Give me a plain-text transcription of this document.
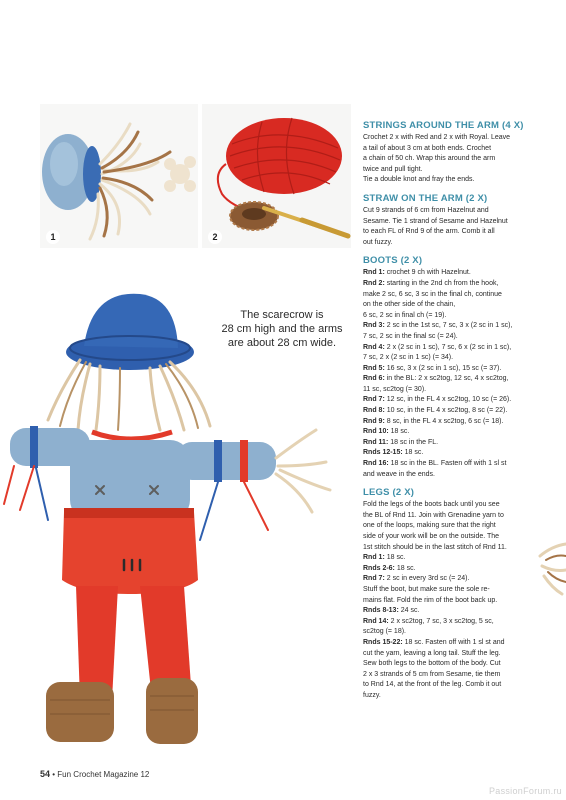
1	2
The scarecrow is
28 cm high and the arms
are about 28 cm wide.
STRINGS AROUND THE ARM (4 X)

Crochet 2 x with Red and 2 x with Royal. Leave

a tail of about 3 cm at both ends. Crochet

a chain of 50 ch. Wrap this around the arm

twice and pull tight.

Tie a double knot and fray the ends.

STRAW ON THE ARM (2 X)

Cut 9 strands of 6 cm from Hazelnut and

Sesame. Tie 1 strand of Sesame and Hazelnut

to each FL of Rnd 9 of the arm. Comb it all

out fuzzy.

BOOTS (2 X)

Rnd 1: crochet 9 ch with Hazelnut.

Rnd 2: starting in the 2nd ch from the hook,

make 2 sc, 6 sc, 3 sc in the final ch, continue

on the other side of the chain,

6 sc, 2 sc in final ch (= 19).

Rnd 3: 2 sc in the 1st sc, 7 sc, 3 x (2 sc in 1 sc),

7 sc, 2 sc in the final sc (= 24).

Rnd 4: 2 x (2 sc in 1 sc), 7 sc, 6 x (2 sc in 1 sc),

7 sc, 2 x (2 sc in 1 sc) (= 34).

Rnd 5: 16 sc, 3 x (2 sc in 1 sc), 15 sc (= 37).

Rnd 6: in the BL: 2 x sc2tog, 12 sc, 4 x sc2tog,

11 sc, sc2tog (= 30).

Rnd 7: 12 sc, in the FL 4 x sc2tog, 10 sc (= 26).

Rnd 8: 10 sc, in the FL 4 x sc2tog, 8 sc (= 22).

Rnd 9: 8 sc, in the FL 4 x sc2tog, 6 sc (= 18).

Rnd 10: 18 sc.

Rnd 11: 18 sc in the FL.

Rnds 12-15: 18 sc.

Rnd 16: 18 sc in the BL. Fasten off with 1 sl st

and weave in the ends.

LEGS (2 X)

Fold the legs of the boots back until you see

the BL of Rnd 11. Join with Grenadine yarn to

one of the loops, making sure that the right

side of your work will be on the outside. The

1st stitch should be in the last stitch of Rnd 11.

Rnd 1: 18 sc.

Rnds 2-6: 18 sc.

Rnd 7: 2 sc in every 3rd sc (= 24).

Stuff the boot, but make sure the sole re-

mains flat. Fold the rim of the boot back up.

Rnds 8-13: 24 sc.

Rnd 14: 2 x sc2tog, 7 sc, 3 x sc2tog, 5 sc,

sc2tog (= 18).

Rnds 15-22: 18 sc. Fasten off with 1 sl st and

cut the yarn, leaving a long tail. Stuff the leg.

Sew both legs to the bottom of the body. Cut

2 x 3 strands of 5 cm from Sesame, tie them

to Rnd 14, at the front of the leg. Comb it out

fuzzy.

54 • Fun Crochet Magazine 12
PassionForum.ru
